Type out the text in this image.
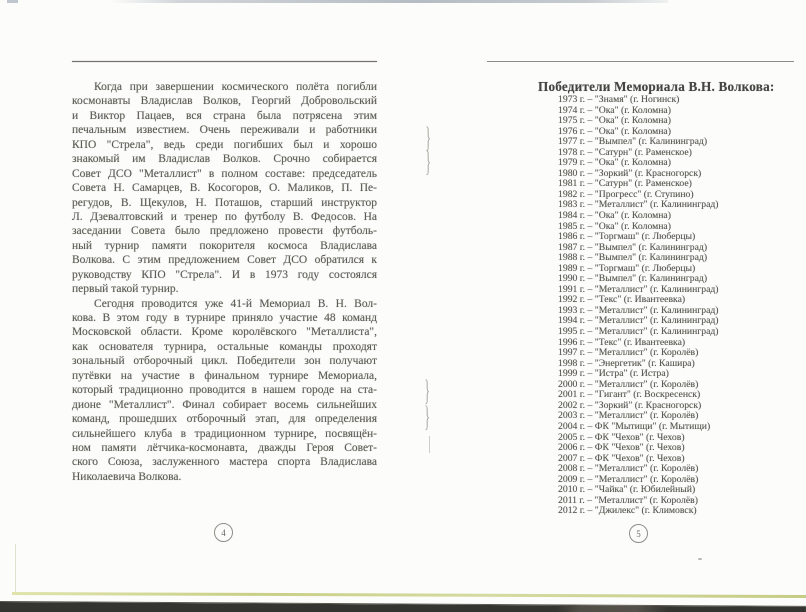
Когда при завершении космического полёта погибли
космонавты Владислав Волков, Георгий Добровольский
и Виктор Пацаев, вся страна была потрясена этим
печальным известием. Очень переживали и работники
КПО "Стрела", ведь среди погибших был и хорошо
знакомый им Владислав Волков. Срочно собирается
Совет ДСО "Металлист" в полном составе: председатель
Совета Н. Самарцев, В. Косогоров, О. Маликов, П. Пе-
регудов, В. Щекулов, Н. Поташов, старший инструктор
Л. Дзевалтовский и тренер по футболу В. Федосов. На
заседании Совета было предложено провести футболь-
ный турнир памяти покорителя космоса Владислава
Волкова. С этим предложением Совет ДСО обратился к
руководству КПО "Стрела". И в 1973 году состоялся
первый такой турнир.
Сегодня проводится уже 41-й Мемориал В. Н. Вол-
кова. В этом году в турнире приняло участие 48 команд
Московской области. Кроме королёвского "Металлиста",
как основателя турнира, остальные команды проходят
зональный отборочный цикл. Победители зон получают
путёвки на участие в финальном турнире Мемориала,
который традиционно проводится в нашем городе на ста-
дионе "Металлист". Финал собирает восемь сильнейших
команд, прошедших отборочный этап, для определения
сильнейшего клуба в традиционном турнире, посвящён-
ном памяти лётчика-космонавта, дважды Героя Совет-
ского Союза, заслуженного мастера спорта Владислава
Николаевича Волкова.
4
}
}
}
}
Победители Мемориала В.Н. Волкова:
1973 г. – "Знамя" (г. Ногинск)
1974 г. – "Ока" (г. Коломна)
1975 г. – "Ока" (г. Коломна)
1976 г. – "Ока" (г. Коломна)
1977 г. – "Вымпел" (г. Калининград)
1978 г. – "Сатурн" (г. Раменское)
1979 г. – "Ока" (г. Коломна)
1980 г. – "Зоркий" (г. Красногорск)
1981 г. – "Сатурн" (г. Раменское)
1982 г. – "Прогресс" (г. Ступино)
1983 г. – "Металлист" (г. Калининград)
1984 г. – "Ока" (г. Коломна)
1985 г. – "Ока" (г. Коломна)
1986 г. – "Торгмаш" (г. Люберцы)
1987 г. – "Вымпел" (г. Калининград)
1988 г. – "Вымпел" (г. Калининград)
1989 г. – "Торгмаш" (г. Люберцы)
1990 г. – "Вымпел" (г. Калининград)
1991 г. – "Металлист" (г. Калининград)
1992 г. – "Текс" (г. Ивантеевка)
1993 г. – "Металлист" (г. Калининград)
1994 г. – "Металлист" (г. Калининград)
1995 г. – "Металлист" (г. Калининград)
1996 г. – "Текс" (г. Ивантеевка)
1997 г. – "Металлист" (г. Королёв)
1998 г. – "Энергетик" (г. Кашира)
1999 г. – "Истра" (г. Истра)
2000 г. – "Металлист" (г. Королёв)
2001 г. – "Гигант" (г. Воскресенск)
2002 г. – "Зоркий" (г. Красногорск)
2003 г. – "Металлист" (г. Королёв)
2004 г. – ФК "Мытищи" (г. Мытищи)
2005 г. – ФК "Чехов" (г. Чехов)
2006 г. – ФК "Чехов" (г. Чехов)
2007 г. – ФК "Чехов" (г. Чехов)
2008 г. – "Металлист" (г. Королёв)
2009 г. – "Металлист" (г. Королёв)
2010 г. – "Чайка" (г. Юбилейный)
2011 г. – "Металлист" (г. Королёв)
2012 г. – "Джилекс" (г. Климовск)
5
